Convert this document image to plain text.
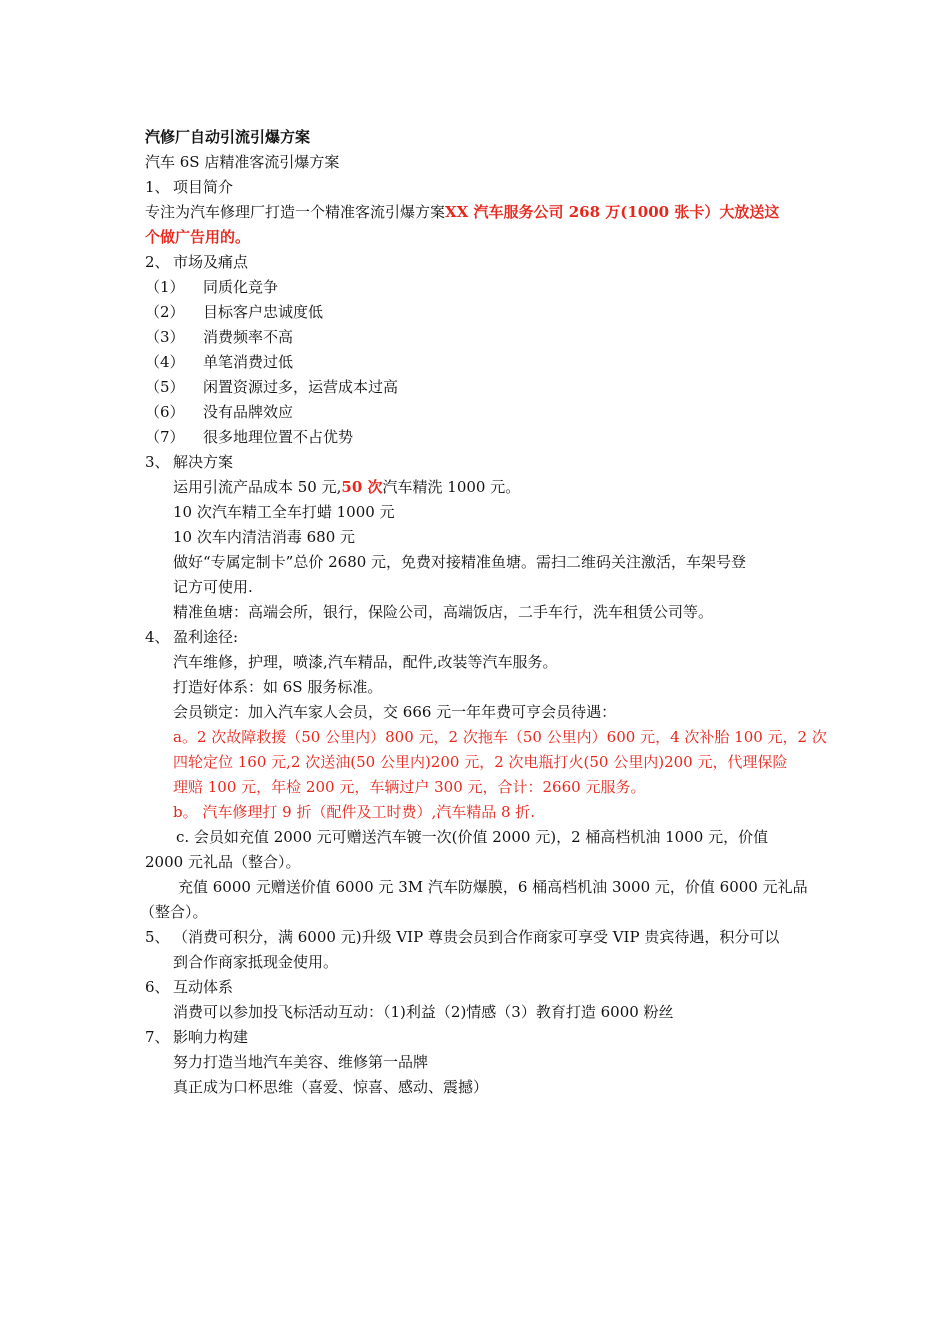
汽修厂自动引流引爆方案
汽车 6S 店精准客流引爆方案
1、 项目简介
专注为汽车修理厂打造一个精准客流引爆方案XX 汽车服务公司 268 万(1000 张卡）大放送这
个做广告用的。
2、 市场及痛点
（1） 同质化竞争
（2） 目标客户忠诚度低
（3） 消费频率不高
（4） 单笔消费过低
（5） 闲置资源过多，运营成本过高
（6） 没有品牌效应
（7） 很多地理位置不占优势
3、 解决方案
运用引流产品成本 50 元,50 次汽车精洗 1000 元。
10 次汽车精工全车打蜡 1000 元
10 次车内清洁消毒 680 元
做好“专属定制卡”总价 2680 元，免费对接精准鱼塘。需扫二维码关注激活，车架号登
记方可使用.
精准鱼塘：高端会所，银行，保险公司，高端饭店，二手车行，洗车租赁公司等。
4、 盈利途径:
汽车维修，护理，喷漆,汽车精品，配件,改装等汽车服务。
打造好体系：如 6S 服务标准。
会员锁定：加入汽车家人会员，交 666 元一年年费可亨会员待遇：
a。2 次故障救援（50 公里内）800 元，2 次拖车（50 公里内）600 元，4 次补胎 100 元，2 次
四轮定位 160 元,2 次送油(50 公里内)200 元，2 次电瓶打火(50 公里内)200 元，代理保险
理赔 100 元，年检 200 元，车辆过户 300 元，合计：2660 元服务。
b。 汽车修理打 9 折（配件及工时费）,汽车精品 8 折.
c. 会员如充值 2000 元可赠送汽车镀一次(价值 2000 元)，2 桶高档机油 1000 元，价值
2000 元礼品（整合）。
充值 6000 元赠送价值 6000 元 3M 汽车防爆膜，6 桶高档机油 3000 元，价值 6000 元礼品
（整合）。
5、 （消费可积分，满 6000 元)升级 VIP 尊贵会员到合作商家可享受 VIP 贵宾待遇，积分可以
到合作商家抵现金使用。
6、 互动体系
消费可以参加投飞标活动互动：（1)利益（2)情感（3）教育打造 6000 粉丝
7、 影响力构建
努力打造当地汽车美容、维修第一品牌
真正成为口杯思维（喜爱、惊喜、感动、震撼）
